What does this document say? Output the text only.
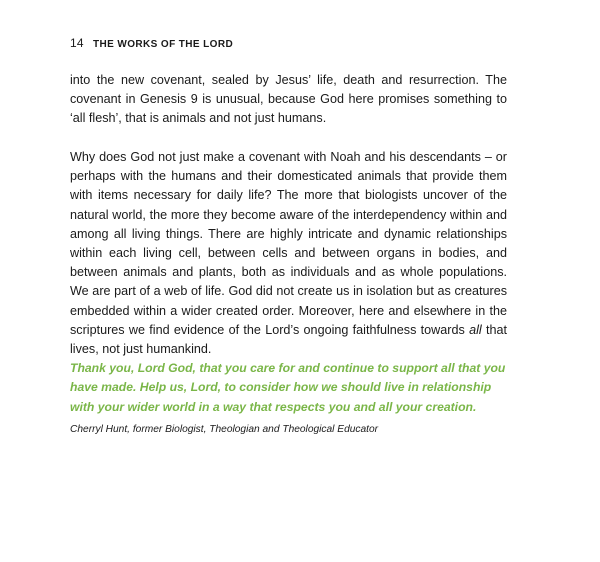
14 THE WORKS OF THE LORD

into the new covenant, sealed by Jesus’ life, death and resurrection. The covenant in Genesis 9 is unusual, because God here promises something to ‘all flesh’, that is animals and not just humans.

Why does God not just make a covenant with Noah and his descendants – or perhaps with the humans and their domesticated animals that provide them with items necessary for daily life? The more that biologists uncover of the natural world, the more they become aware of the interdependency within and among all living things. There are highly intricate and dynamic relationships within each living cell, between cells and between organs in bodies, and between animals and plants, both as individuals and as whole populations. We are part of a web of life. God did not create us in isolation but as creatures embedded within a wider created order. Moreover, here and elsewhere in the scriptures we find evidence of the Lord’s ongoing faithfulness towards all that lives, not just humankind.

Thank you, Lord God, that you care for and continue to support all that you have made. Help us, Lord, to consider how we should live in relationship with your wider world in a way that respects you and all your creation.

Cherryl Hunt, former Biologist, Theologian and Theological Educator
